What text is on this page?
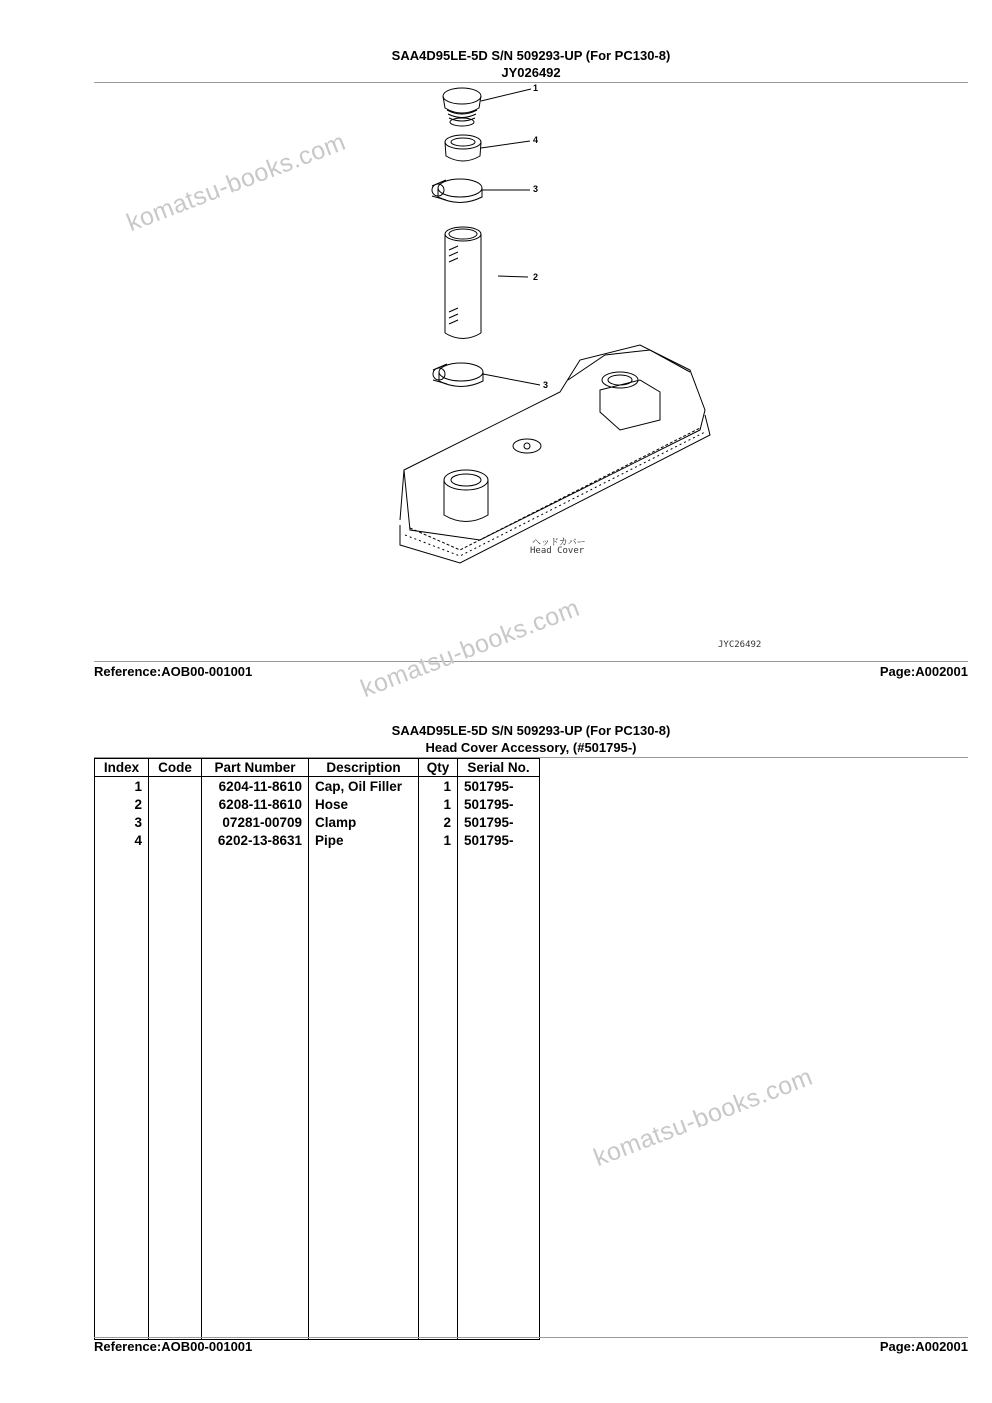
SAA4D95LE-5D S/N 509293-UP (For PC130-8)
JY026492
1
4
3
2
3
ヘッドカバー
Head Cover
JYC26492
Reference:AOB00-001001	Page:A002001
komatsu-books.com
komatsu-books.com
komatsu-books.com
SAA4D95LE-5D S/N 509293-UP (For PC130-8)
Head Cover Accessory, (#501795-)
Index	Code	Part Number	Description	Qty	Serial No.
1		6204-11-8610	Cap, Oil Filler	1	501795-
2		6208-11-8610	Hose	1	501795-
3		07281-00709	Clamp	2	501795-
4		6202-13-8631	Pipe	1	501795-

Reference:AOB00-001001	Page:A002001
